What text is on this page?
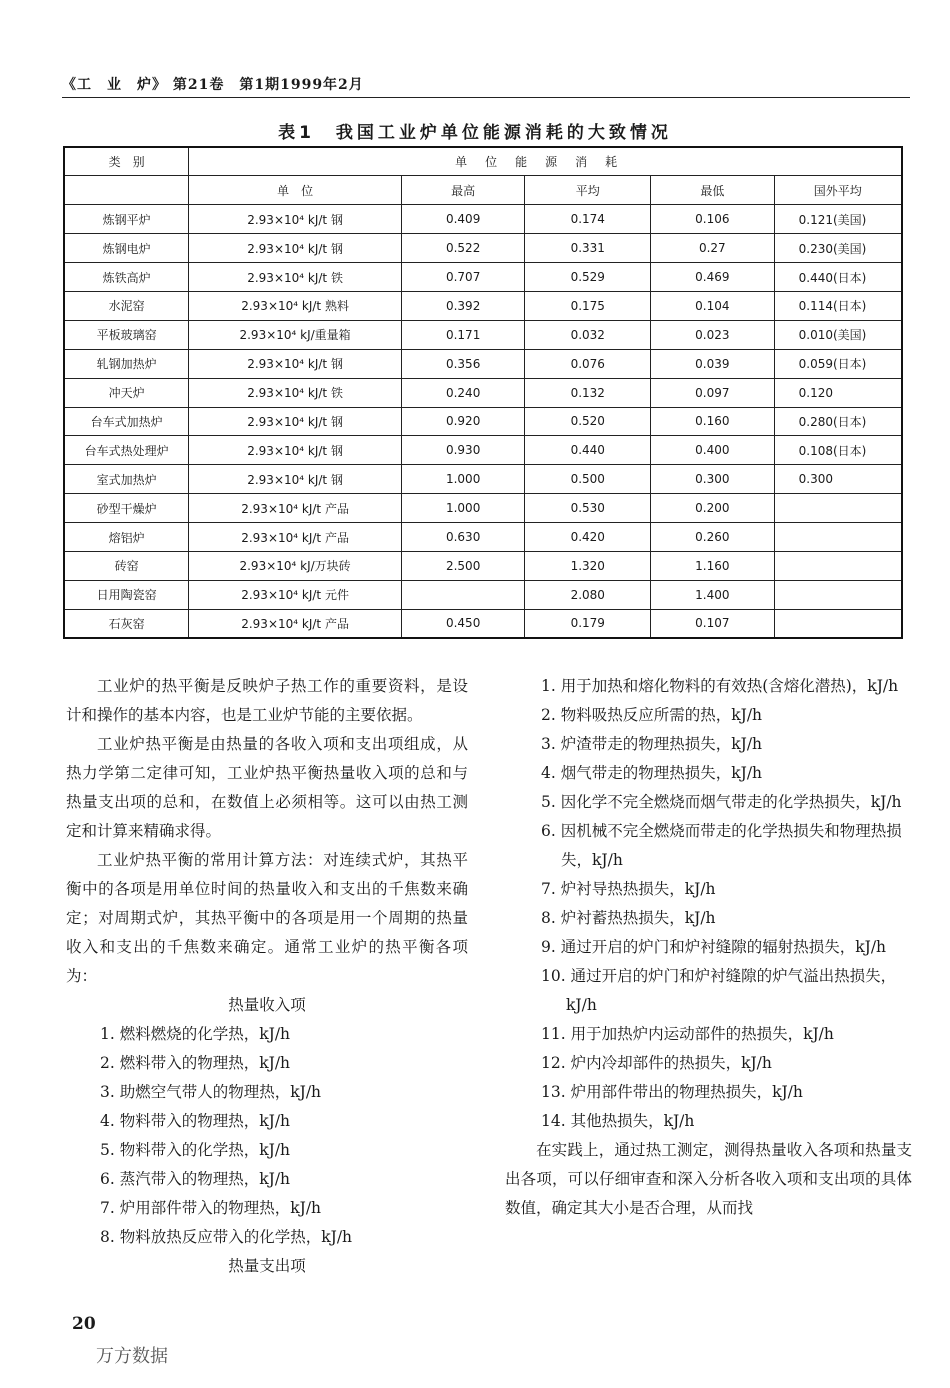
《工　业　炉》 第21卷　第1期1999年2月
表1　我国工业炉单位能源消耗的大致情况
类　别	单位能源消耗				
	单　位	最高	平均	最低	国外平均
炼钢平炉	2.93×10⁴ kJ/t 钢	0.409	0.174	0.106	0.121(美国)
炼钢电炉	2.93×10⁴ kJ/t 钢	0.522	0.331	0.27	0.230(美国)
炼铁高炉	2.93×10⁴ kJ/t 铁	0.707	0.529	0.469	0.440(日本)
水泥窑	2.93×10⁴ kJ/t 熟料	0.392	0.175	0.104	0.114(日本)
平板玻璃窑	2.93×10⁴ kJ/重量箱	0.171	0.032	0.023	0.010(美国)
轧钢加热炉	2.93×10⁴ kJ/t 钢	0.356	0.076	0.039	0.059(日本)
冲天炉	2.93×10⁴ kJ/t 铁	0.240	0.132	0.097	0.120
台车式加热炉	2.93×10⁴ kJ/t 钢	0.920	0.520	0.160	0.280(日本)
台车式热处理炉	2.93×10⁴ kJ/t 钢	0.930	0.440	0.400	0.108(日本)
室式加热炉	2.93×10⁴ kJ/t 钢	1.000	0.500	0.300	0.300
砂型干燥炉	2.93×10⁴ kJ/t 产品	1.000	0.530	0.200	
熔铝炉	2.93×10⁴ kJ/t 产品	0.630	0.420	0.260	
砖窑	2.93×10⁴ kJ/万块砖	2.500	1.320	1.160	
日用陶瓷窑	2.93×10⁴ kJ/t 元件		2.080	1.400	
石灰窑	2.93×10⁴ kJ/t 产品	0.450	0.179	0.107	

工业炉的热平衡是反映炉子热工作的重要资料，是设计和操作的基本内容，也是工业炉节能的主要依据。

工业炉热平衡是由热量的各收入项和支出项组成，从热力学第二定律可知，工业炉热平衡热量收入项的总和与热量支出项的总和，在数值上必须相等。这可以由热工测定和计算来精确求得。

工业炉热平衡的常用计算方法：对连续式炉，其热平衡中的各项是用单位时间的热量收入和支出的千焦数来确定；对周期式炉，其热平衡中的各项是用一个周期的热量收入和支出的千焦数来确定。通常工业炉的热平衡各项为：

热量收入项
1. 燃料燃烧的化学热，kJ/h
2. 燃料带入的物理热，kJ/h
3. 助燃空气带人的物理热，kJ/h
4. 物料带入的物理热，kJ/h
5. 物料带入的化学热，kJ/h
6. 蒸汽带入的物理热，kJ/h
7. 炉用部件带入的物理热，kJ/h
8. 物料放热反应带入的化学热，kJ/h
热量支出项
1. 用于加热和熔化物料的有效热(含熔化潜热)，kJ/h
2. 物料吸热反应所需的热，kJ/h
3. 炉渣带走的物理热损失，kJ/h
4. 烟气带走的物理热损失，kJ/h
5. 因化学不完全燃烧而烟气带走的化学热损失，kJ/h
6. 因机械不完全燃烧而带走的化学热损失和物理热损失，kJ/h
7. 炉衬导热热损失，kJ/h
8. 炉衬蓄热热损失，kJ/h
9. 通过开启的炉门和炉衬缝隙的辐射热损失，kJ/h
10. 通过开启的炉门和炉衬缝隙的炉气溢出热损失，kJ/h
11. 用于加热炉内运动部件的热损失，kJ/h
12. 炉内冷却部件的热损失，kJ/h
13. 炉用部件带出的物理热损失，kJ/h
14. 其他热损失，kJ/h

在实践上，通过热工测定，测得热量收入各项和热量支出各项，可以仔细审查和深入分析各收入项和支出项的具体数值，确定其大小是否合理，从而找

20
万方数据
